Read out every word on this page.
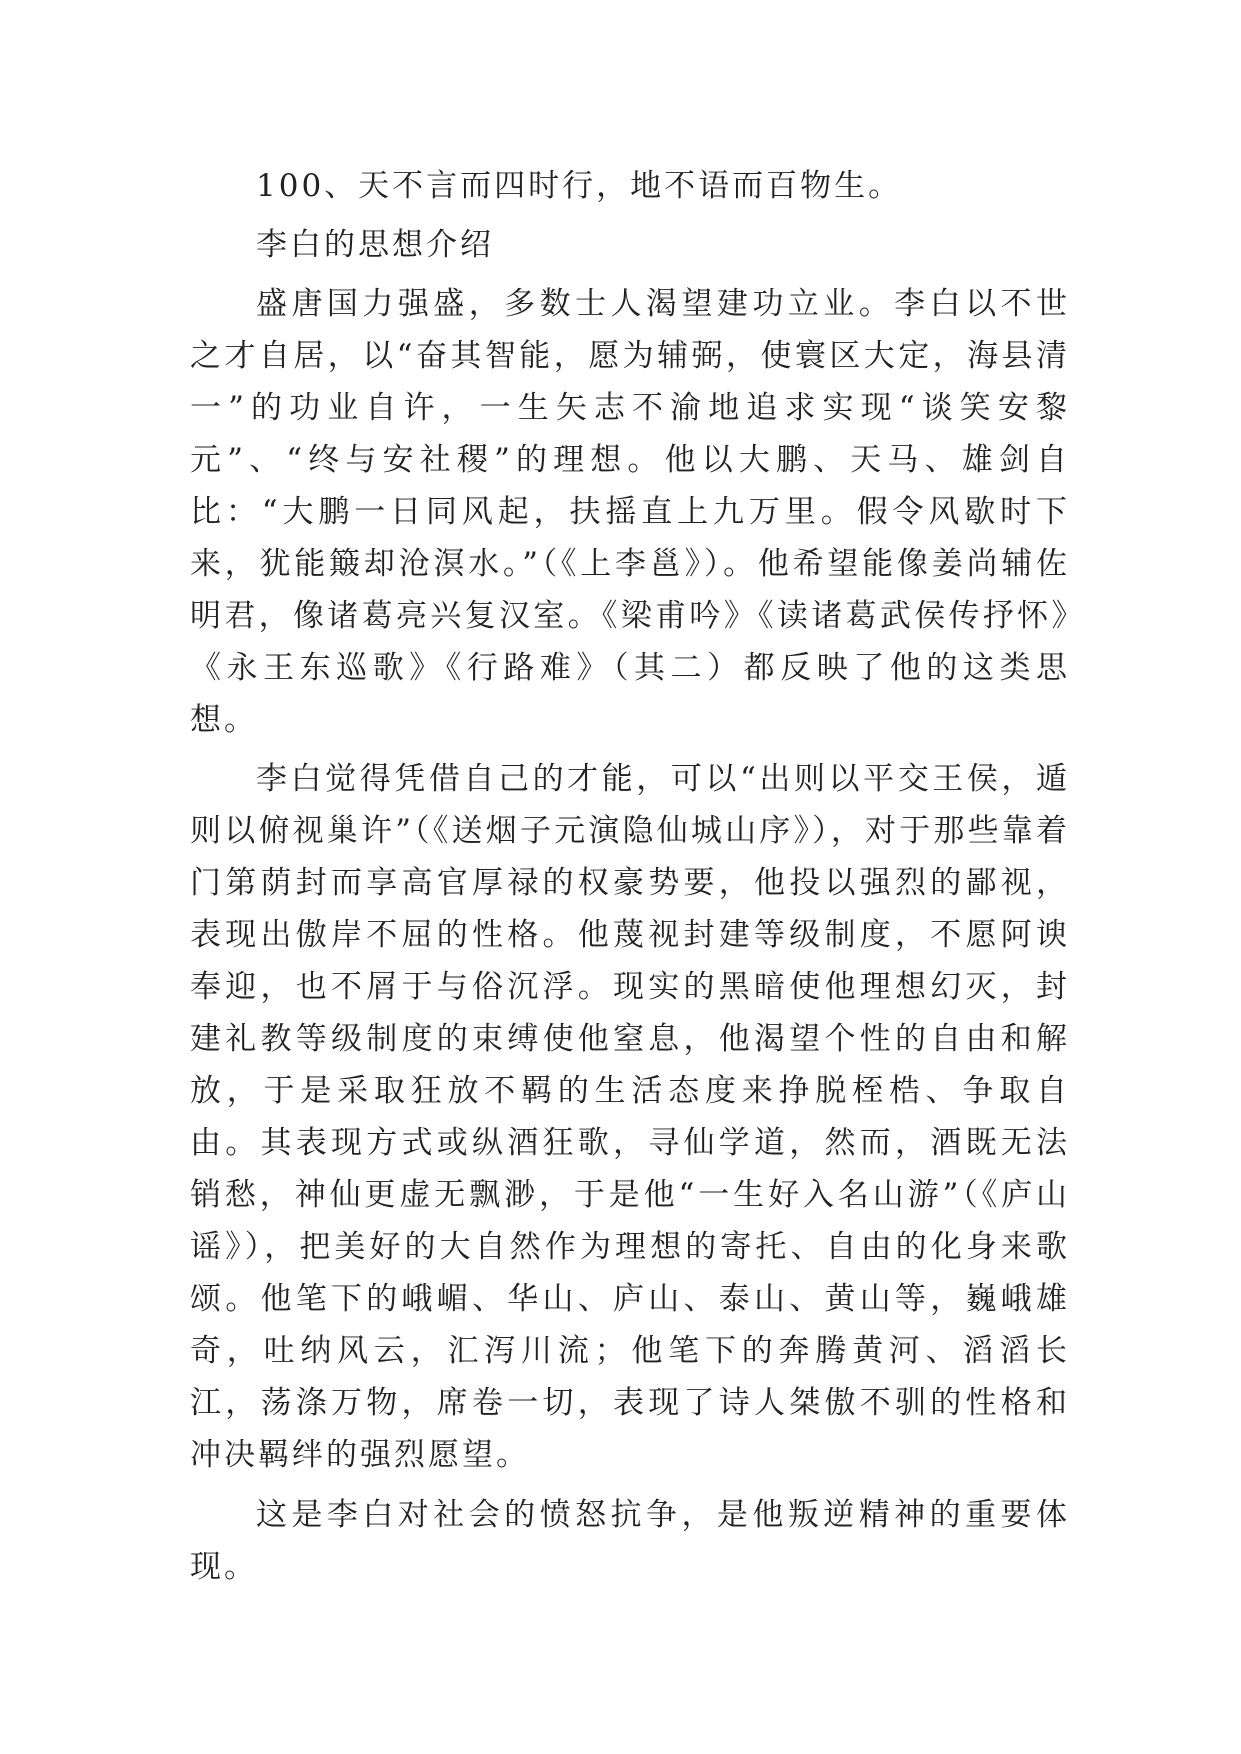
100、天不言而四时行，地不语而百物生。

李白的思想介绍

盛唐国力强盛，多数士人渴望建功立业。李白以不世之才自居，以“奋其智能，愿为辅弼，使寰区大定，海县清一”的功业自许，一生矢志不渝地追求实现“谈笑安黎元”、“终与安社稷”的理想。他以大鹏、天马、雄剑自比：“大鹏一日同风起，扶摇直上九万里。假令风歇时下来，犹能簸却沧溟水。”（《上李邕》）。他希望能像姜尚辅佐明君，像诸葛亮兴复汉室。《梁甫吟》《读诸葛武侯传抒怀》《永王东巡歌》《行路难》（其二）都反映了他的这类思想。

李白觉得凭借自己的才能，可以“出则以平交王侯，遁则以俯视巢许”（《送烟子元演隐仙城山序》），对于那些靠着门第荫封而享高官厚禄的权豪势要，他投以强烈的鄙视，表现出傲岸不屈的性格。他蔑视封建等级制度，不愿阿谀奉迎，也不屑于与俗沉浮。现实的黑暗使他理想幻灭，封建礼教等级制度的束缚使他窒息，他渴望个性的自由和解放，于是采取狂放不羁的生活态度来挣脱桎梏、争取自由。其表现方式或纵酒狂歌，寻仙学道，然而，酒既无法销愁，神仙更虚无飘渺，于是他“一生好入名山游”（《庐山谣》），把美好的大自然作为理想的寄托、自由的化身来歌颂。他笔下的峨嵋、华山、庐山、泰山、黄山等，巍峨雄奇，吐纳风云，汇泻川流；他笔下的奔腾黄河、滔滔长江，荡涤万物，席卷一切，表现了诗人桀傲不驯的性格和冲决羁绊的强烈愿望。

这是李白对社会的愤怒抗争，是他叛逆精神的重要体现。
